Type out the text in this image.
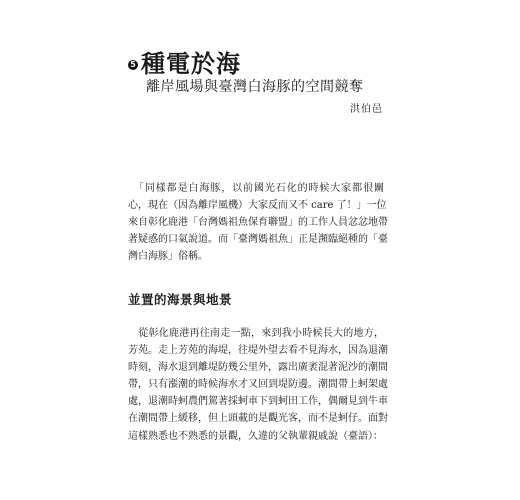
5 種電於海
離岸風場與臺灣白海豚的空間競奪
洪伯邑
　「同樣都是白海豚，以前國光石化的時候大家都很關
心，現在（因為離岸風機）大家反而又不 care 了！」一位
來自彰化鹿港「台灣媽祖魚保育聯盟」的工作人員忿忿地帶
著疑惑的口氣說道。而「臺灣媽祖魚」正是瀕臨絕種的「臺
灣白海豚」俗稱。
並置的海景與地景
　從彰化鹿港再往南走一點，來到我小時候長大的地方，
芳苑。走上芳苑的海堤，往堤外望去看不見海水，因為退潮
時刻，海水退到離堤防幾公里外，露出廣袤混著泥沙的潮間
帶，只有漲潮的時候海水才又回到堤防邊。潮間帶上蚵架處
處，退潮時蚵農們駕著採蚵車下到蚵田工作，偶爾見到牛車
在潮間帶上緩移，但上頭載的是觀光客，而不是蚵仔。面對
這樣熟悉也不熟悉的景觀，久違的父執輩親戚說（臺語）：
